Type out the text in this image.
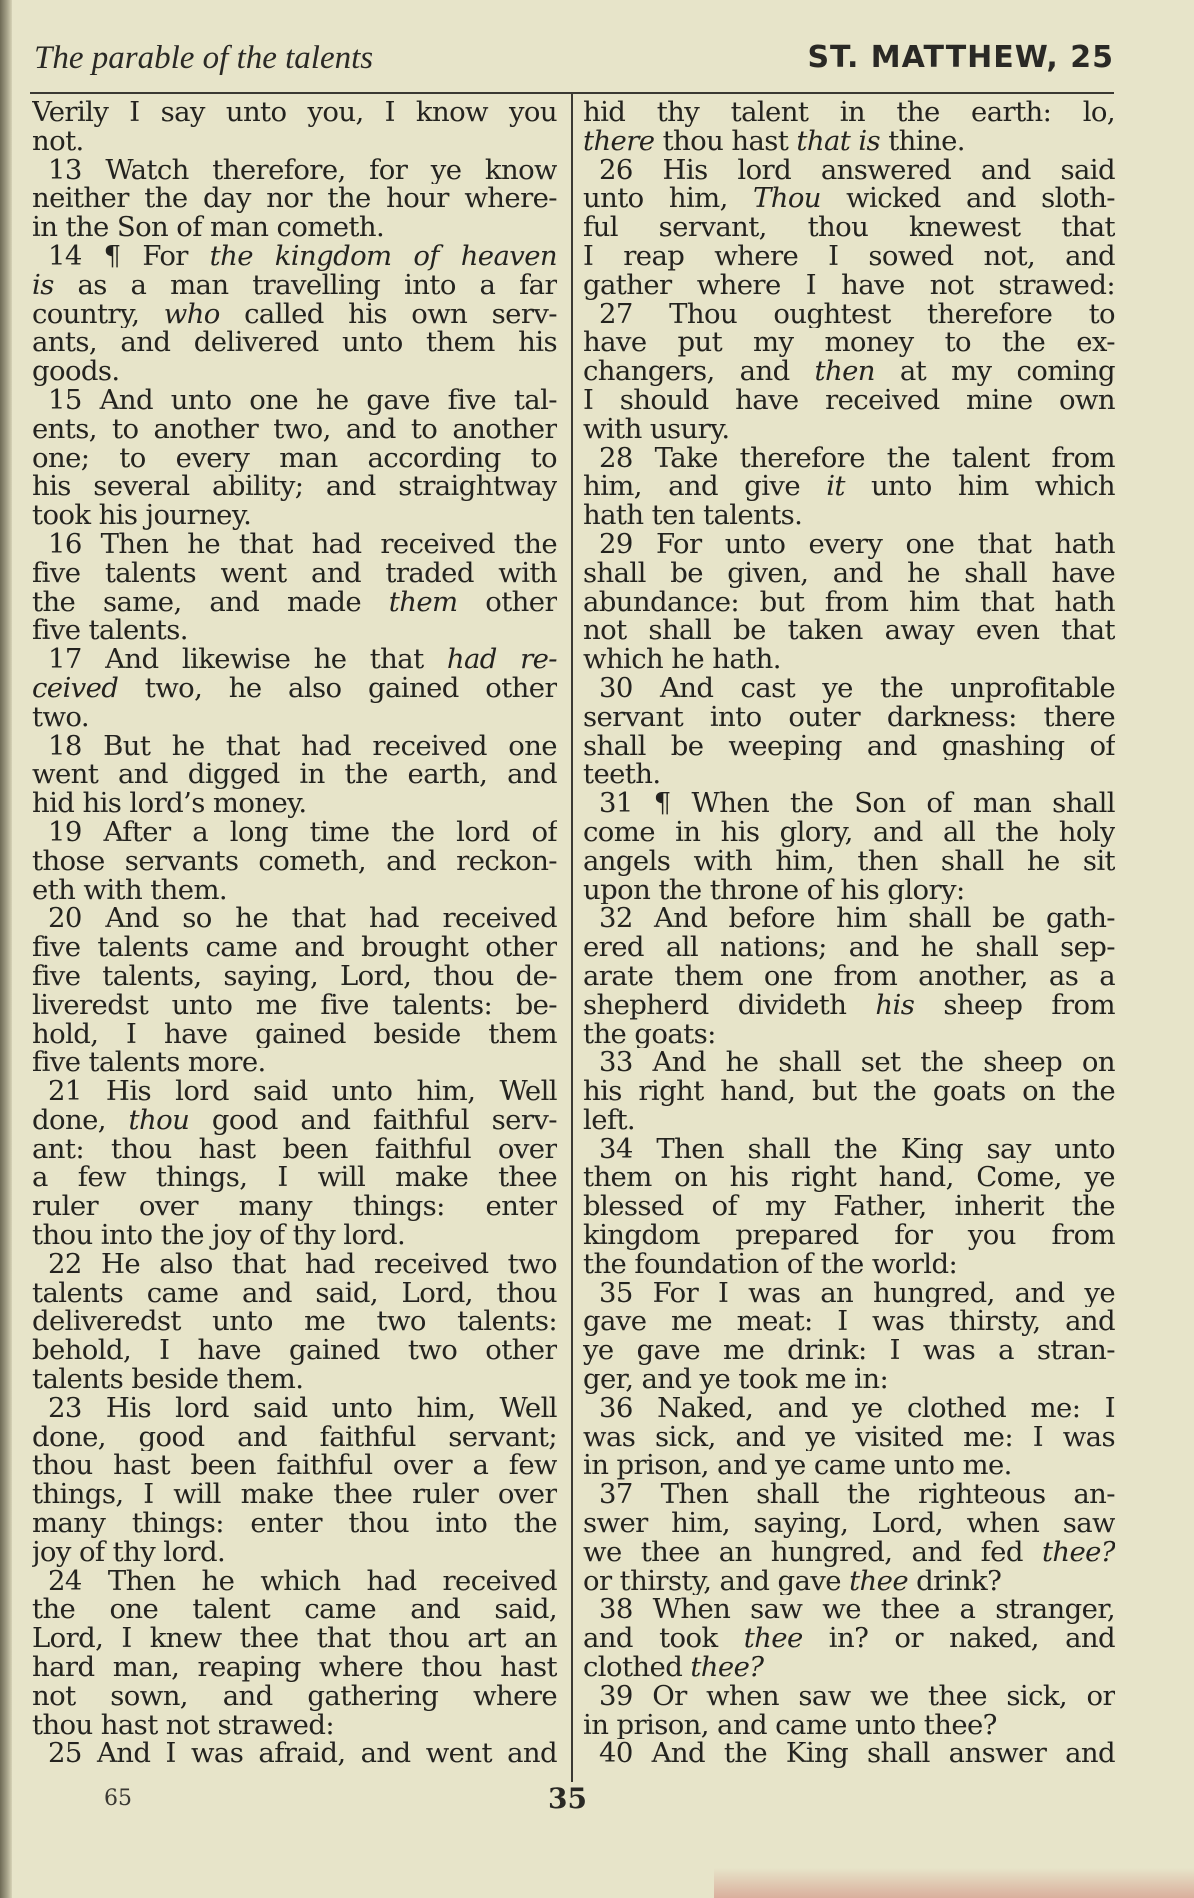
The parable of the talents	ST. MATTHEW, 25
Verily I say unto you, I know you
not.
13 Watch therefore, for ye know
neither the day nor the hour where-
in the Son of man cometh.
14 ¶ For the kingdom of heaven
is as a man travelling into a far
country, who called his own serv-
ants, and delivered unto them his
goods.
15 And unto one he gave five tal-
ents, to another two, and to another
one; to every man according to
his several ability; and straightway
took his journey.
16 Then he that had received the
five talents went and traded with
the same, and made them other
five talents.
17 And likewise he that had re-
ceived two, he also gained other
two.
18 But he that had received one
went and digged in the earth, and
hid his lord’s money.
19 After a long time the lord of
those servants cometh, and reckon-
eth with them.
20 And so he that had received
five talents came and brought other
five talents, saying, Lord, thou de-
liveredst unto me five talents: be-
hold, I have gained beside them
five talents more.
21 His lord said unto him, Well
done, thou good and faithful serv-
ant: thou hast been faithful over
a few things, I will make thee
ruler over many things: enter
thou into the joy of thy lord.
22 He also that had received two
talents came and said, Lord, thou
deliveredst unto me two talents:
behold, I have gained two other
talents beside them.
23 His lord said unto him, Well
done, good and faithful servant;
thou hast been faithful over a few
things, I will make thee ruler over
many things: enter thou into the
joy of thy lord.
24 Then he which had received
the one talent came and said,
Lord, I knew thee that thou art an
hard man, reaping where thou hast
not sown, and gathering where
thou hast not strawed:
25 And I was afraid, and went and
hid thy talent in the earth: lo,
there thou hast that is thine.
26 His lord answered and said
unto him, Thou wicked and sloth-
ful servant, thou knewest that
I reap where I sowed not, and
gather where I have not strawed:
27 Thou oughtest therefore to
have put my money to the ex-
changers, and then at my coming
I should have received mine own
with usury.
28 Take therefore the talent from
him, and give it unto him which
hath ten talents.
29 For unto every one that hath
shall be given, and he shall have
abundance: but from him that hath
not shall be taken away even that
which he hath.
30 And cast ye the unprofitable
servant into outer darkness: there
shall be weeping and gnashing of
teeth.
31 ¶ When the Son of man shall
come in his glory, and all the holy
angels with him, then shall he sit
upon the throne of his glory:
32 And before him shall be gath-
ered all nations; and he shall sep-
arate them one from another, as a
shepherd divideth his sheep from
the goats:
33 And he shall set the sheep on
his right hand, but the goats on the
left.
34 Then shall the King say unto
them on his right hand, Come, ye
blessed of my Father, inherit the
kingdom prepared for you from
the foundation of the world:
35 For I was an hungred, and ye
gave me meat: I was thirsty, and
ye gave me drink: I was a stran-
ger, and ye took me in:
36 Naked, and ye clothed me: I
was sick, and ye visited me: I was
in prison, and ye came unto me.
37 Then shall the righteous an-
swer him, saying, Lord, when saw
we thee an hungred, and fed thee?
or thirsty, and gave thee drink?
38 When saw we thee a stranger,
and took thee in? or naked, and
clothed thee?
39 Or when saw we thee sick, or
in prison, and came unto thee?
40 And the King shall answer and
65	35
